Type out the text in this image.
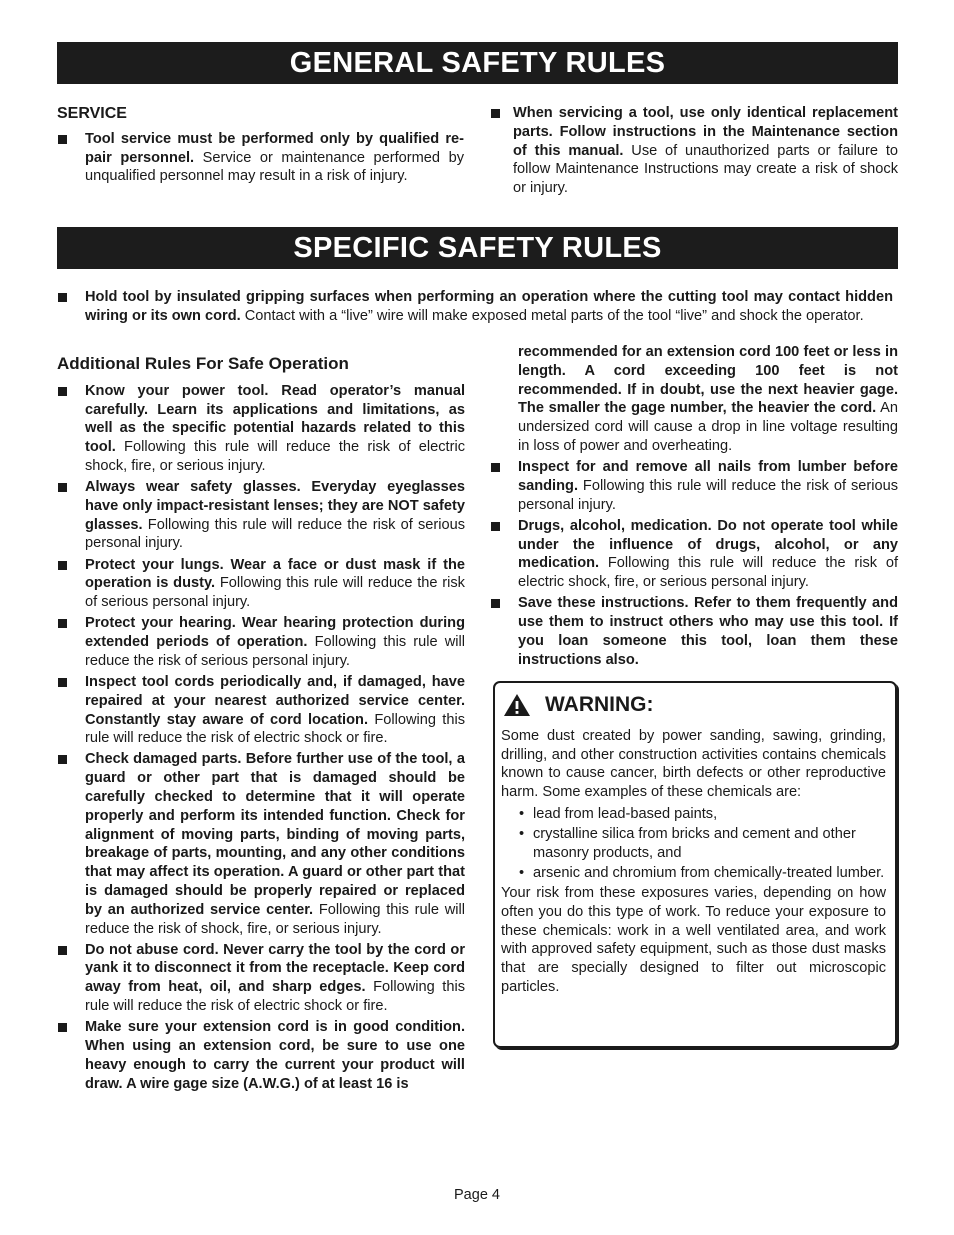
GENERAL SAFETY RULES
SERVICE
Tool service must be performed only by qualified repair personnel. Service or maintenance performed by unqualified personnel may result in a risk of injury.
When servicing a tool, use only identical replacement parts. Follow instructions in the Maintenance section of this manual. Use of unauthorized parts or failure to follow Maintenance Instructions may create a risk of shock or injury.
SPECIFIC SAFETY RULES
Hold tool by insulated gripping surfaces when performing an operation where the cutting tool may contact hidden wiring or its own cord. Contact with a “live” wire will make exposed metal parts of the tool “live” and shock the operator.
Additional Rules For Safe Operation
Know your power tool. Read operator’s manual carefully. Learn its applications and limitations, as well as the specific potential hazards related to this tool. Following this rule will reduce the risk of electric shock, fire, or serious injury.
Always wear safety glasses. Everyday eyeglasses have only impact-resistant lenses; they are NOT safety glasses. Following this rule will reduce the risk of serious personal injury.
Protect your lungs. Wear a face or dust mask if the operation is dusty. Following this rule will reduce the risk of serious personal injury.
Protect your hearing. Wear hearing protection during extended periods of operation. Following this rule will reduce the risk of serious personal injury.
Inspect tool cords periodically and, if damaged, have repaired at your nearest authorized service center. Constantly stay aware of cord location. Following this rule will reduce the risk of electric shock or fire.
Check damaged parts. Before further use of the tool, a guard or other part that is damaged should be carefully checked to determine that it will operate properly and perform its intended function. Check for alignment of moving parts, binding of moving parts, breakage of parts, mounting, and any other conditions that may affect its operation. A guard or other part that is damaged should be properly repaired or replaced by an authorized service center. Following this rule will reduce the risk of shock, fire, or serious injury.
Do not abuse cord. Never carry the tool by the cord or yank it to disconnect it from the receptacle. Keep cord away from heat, oil, and sharp edges. Following this rule will reduce the risk of electric shock or fire.
Make sure your extension cord is in good condition. When using an extension cord, be sure to use one heavy enough to carry the current your product will draw. A wire gage size (A.W.G.) of at least 16 is
recommended for an extension cord 100 feet or less in length. A cord exceeding 100 feet is not recommended. If in doubt, use the next heavier gage. The smaller the gage number, the heavier the cord. An undersized cord will cause a drop in line voltage resulting in loss of power and overheating.
Inspect for and remove all nails from lumber before sanding. Following this rule will reduce the risk of serious personal injury.
Drugs, alcohol, medication. Do not operate tool while under the influence of drugs, alcohol, or any medication. Following this rule will reduce the risk of electric shock, fire, or serious personal injury.
Save these instructions. Refer to them frequently and use them to instruct others who may use this tool. If you loan someone this tool, loan them these instructions also.
WARNING:

Some dust created by power sanding, sawing, grinding, drilling, and other construction activities contains chemicals known to cause cancer, birth defects or other reproductive harm. Some examples of these chemicals are:

• lead from lead-based paints,
• crystalline silica from bricks and cement and other masonry products, and
• arsenic and chromium from chemically-treated lumber.

Your risk from these exposures varies, depending on how often you do this type of work. To reduce your exposure to these chemicals: work in a well ventilated area, and work with approved safety equipment, such as those dust masks that are specially designed to filter out microscopic particles.

Page 4
